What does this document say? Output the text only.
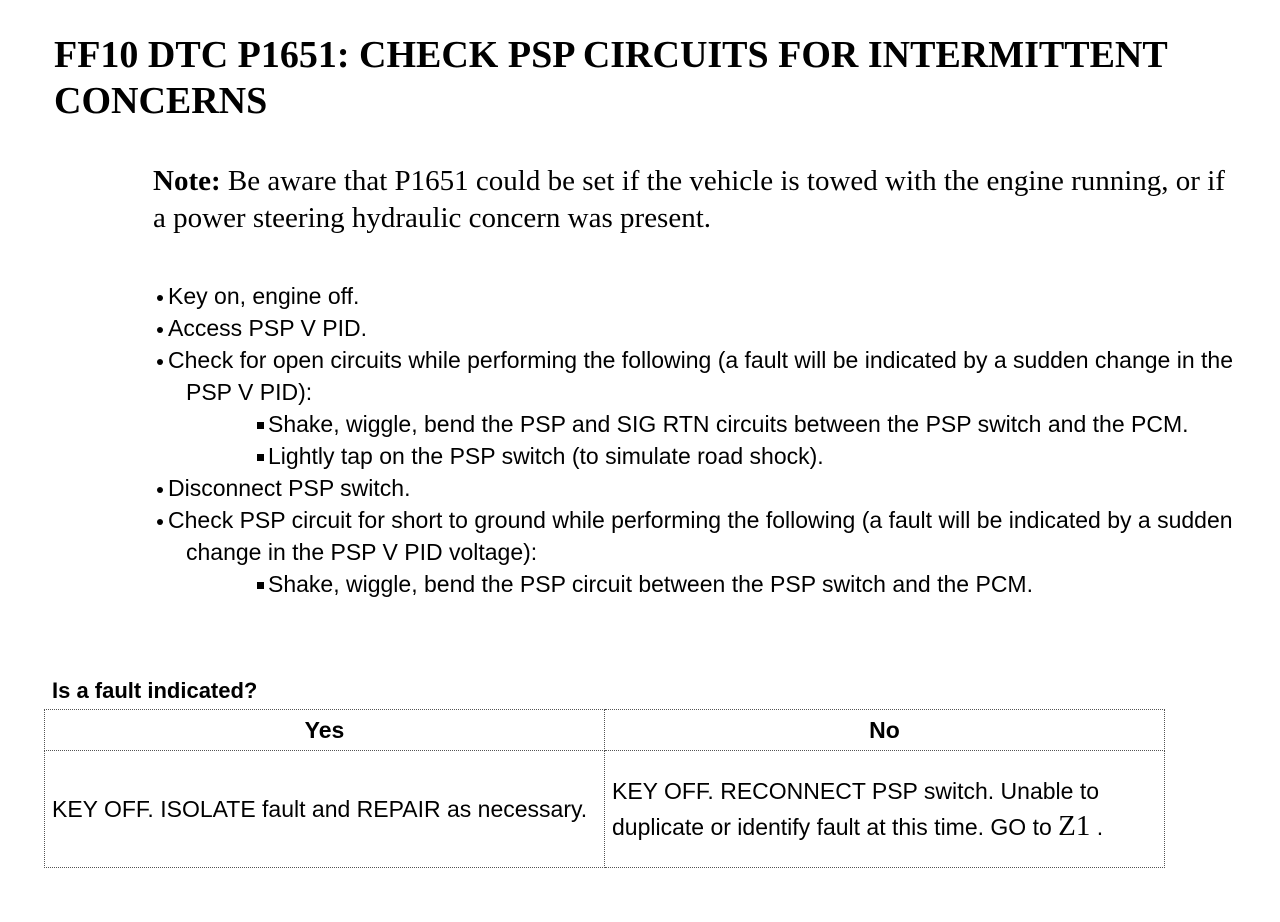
FF10 DTC P1651: CHECK PSP CIRCUITS FOR INTERMITTENT CONCERNS
Note: Be aware that P1651 could be set if the vehicle is towed with the engine running, or if a power steering hydraulic concern was present.

Key on, engine off.

Access PSP V PID.

Check for open circuits while performing the following (a fault will be indicated by a sudden change in the PSP V PID):

Shake, wiggle, bend the PSP and SIG RTN circuits between the PSP switch and the PCM.

Lightly tap on the PSP switch (to simulate road shock).

Disconnect PSP switch.

Check PSP circuit for short to ground while performing the following (a fault will be indicated by a sudden change in the PSP V PID voltage):

Shake, wiggle, bend the PSP circuit between the PSP switch and the PCM.

Is a fault indicated?
Yes	No
KEY OFF. ISOLATE fault and REPAIR as necessary.	KEY OFF. RECONNECT PSP switch. Unable to duplicate or identify fault at this time. GO to Z1 .
